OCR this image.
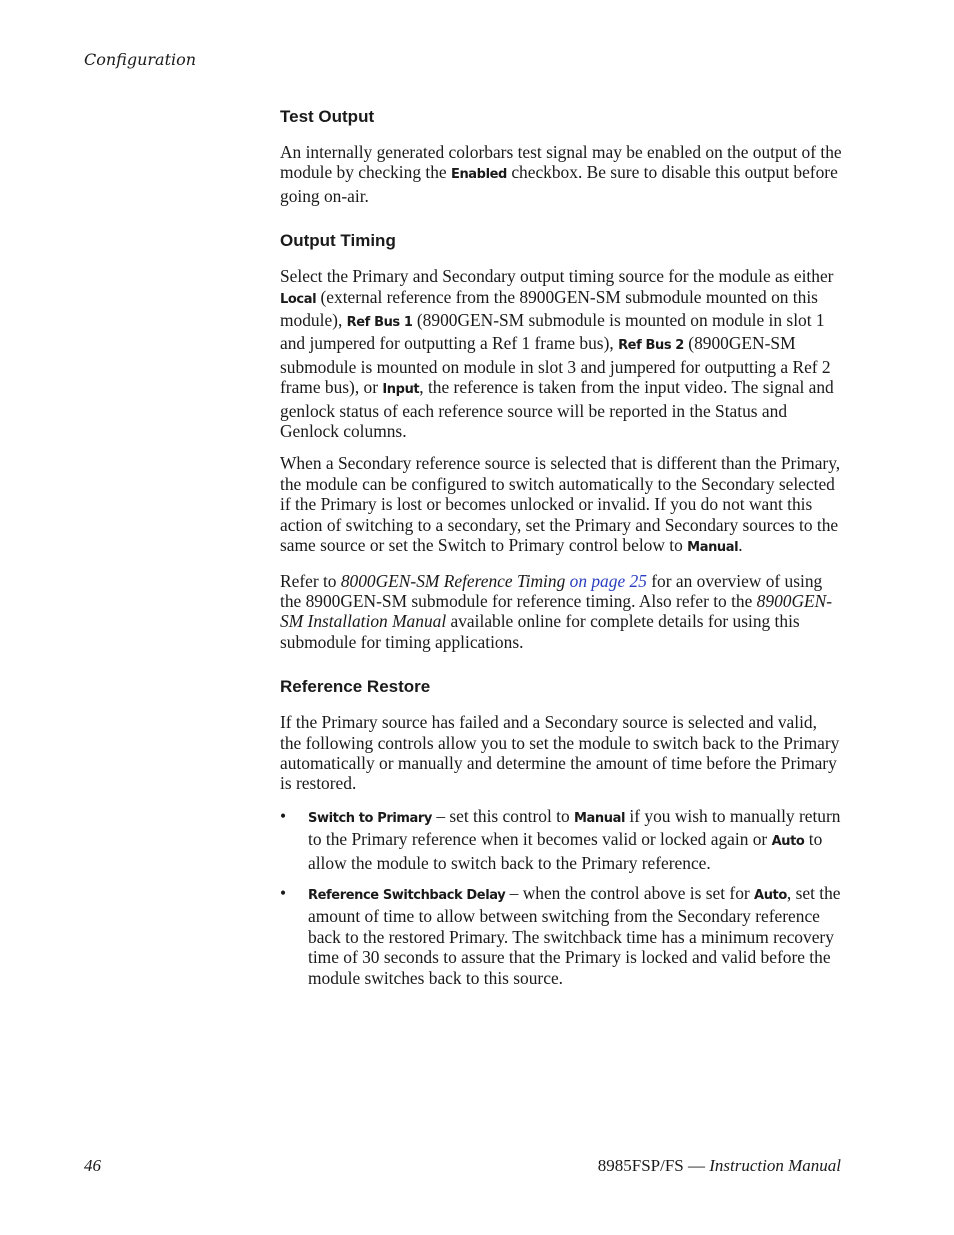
Configuration
Test Output

An internally generated colorbars test signal may be enabled on the output of the module by checking the Enabled checkbox. Be sure to disable this output before going on-air.

Output Timing

Select the Primary and Secondary output timing source for the module as either Local (external reference from the 8900GEN-SM submodule mounted on this module), Ref Bus 1 (8900GEN-SM submodule is mounted on module in slot 1 and jumpered for outputting a Ref 1 frame bus), Ref Bus 2 (8900GEN-SM submodule is mounted on module in slot 3 and jumpered for outputting a Ref 2 frame bus), or Input, the reference is taken from the input video. The signal and genlock status of each reference source will be reported in the Status and Genlock columns.

When a Secondary reference source is selected that is different than the Primary, the module can be configured to switch automatically to the Secondary selected if the Primary is lost or becomes unlocked or invalid. If you do not want this action of switching to a secondary, set the Primary and Secondary sources to the same source or set the Switch to Primary control below to Manual.

Refer to 8000GEN-SM Reference Timing on page 25 for an overview of using the 8900GEN-SM submodule for reference timing. Also refer to the 8900GEN-SM Installation Manual available online for complete details for using this submodule for timing applications.

Reference Restore

If the Primary source has failed and a Secondary source is selected and valid, the following controls allow you to set the module to switch back to the Primary automatically or manually and determine the amount of time before the Primary is restored.

• Switch to Primary – set this control to Manual if you wish to manually return to the Primary reference when it becomes valid or locked again or Auto to allow the module to switch back to the Primary reference.
• Reference Switchback Delay – when the control above is set for Auto, set the amount of time to allow between switching from the Secondary reference back to the restored Primary. The switchback time has a minimum recovery time of 30 seconds to assure that the Primary is locked and valid before the module switches back to this source.
46	8985FSP/FS — Instruction Manual
